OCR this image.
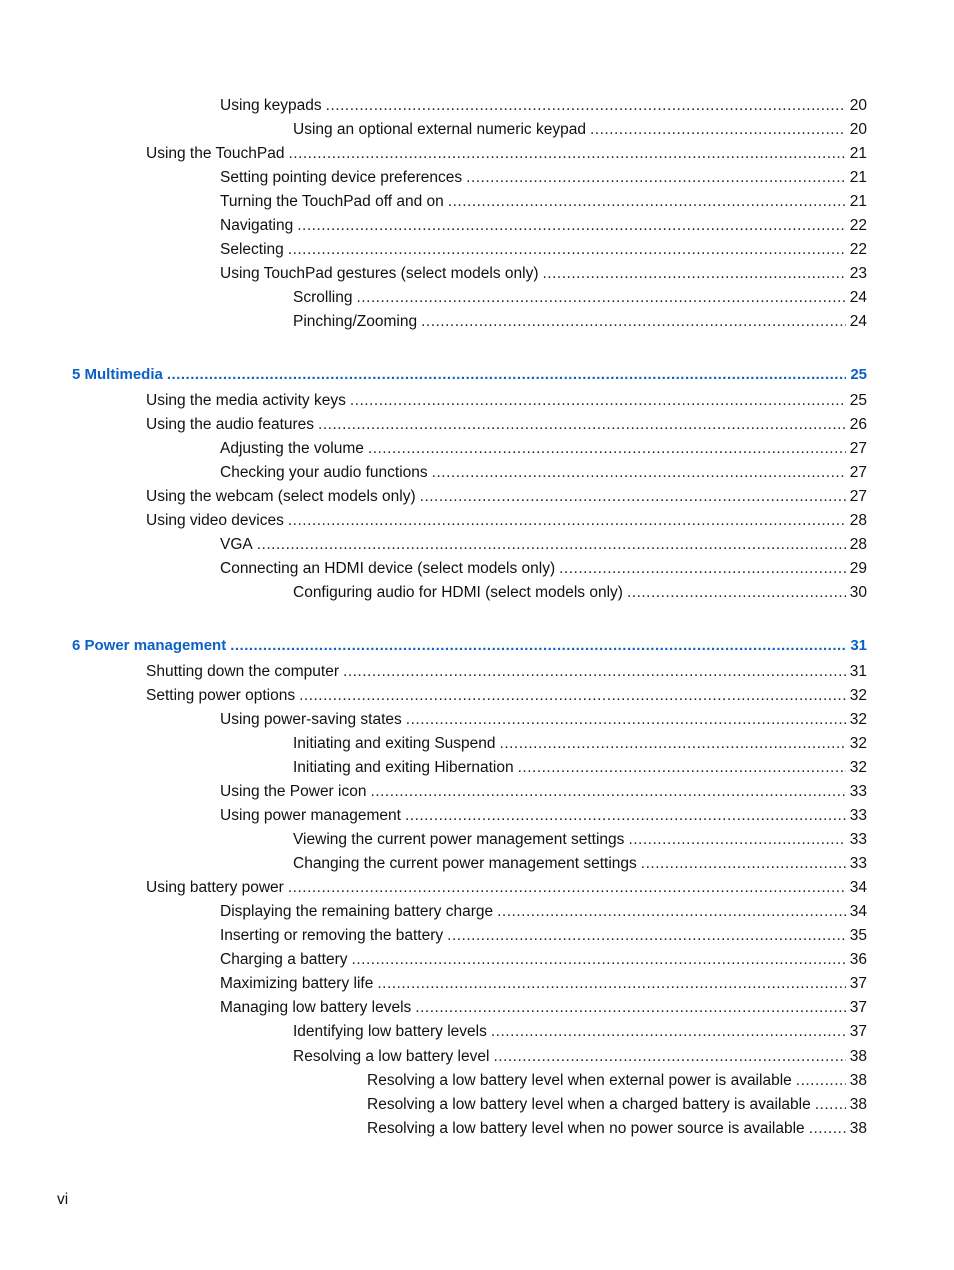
Using keypads .....	20
Using an optional external numeric keypad .....	20
Using the TouchPad .....	21
Setting pointing device preferences .....	21
Turning the TouchPad off and on .....	21
Navigating .....	22
Selecting .....	22
Using TouchPad gestures (select models only) .....	23
Scrolling .....	24
Pinching/Zooming .....	24
5 Multimedia .....	25
Using the media activity keys .....	25
Using the audio features .....	26
Adjusting the volume .....	27
Checking your audio functions .....	27
Using the webcam (select models only) .....	27
Using video devices .....	28
VGA .....	28
Connecting an HDMI device (select models only) .....	29
Configuring audio for HDMI (select models only) .....	30
6 Power management .....	31
Shutting down the computer .....	31
Setting power options .....	32
Using power-saving states .....	32
Initiating and exiting Suspend .....	32
Initiating and exiting Hibernation .....	32
Using the Power icon .....	33
Using power management .....	33
Viewing the current power management settings .....	33
Changing the current power management settings .....	33
Using battery power .....	34
Displaying the remaining battery charge .....	34
Inserting or removing the battery .....	35
Charging a battery .....	36
Maximizing battery life .....	37
Managing low battery levels .....	37
Identifying low battery levels .....	37
Resolving a low battery level .....	38
Resolving a low battery level when external power is available .....	38
Resolving a low battery level when a charged battery is available .....	38
Resolving a low battery level when no power source is available .....	38
vi
